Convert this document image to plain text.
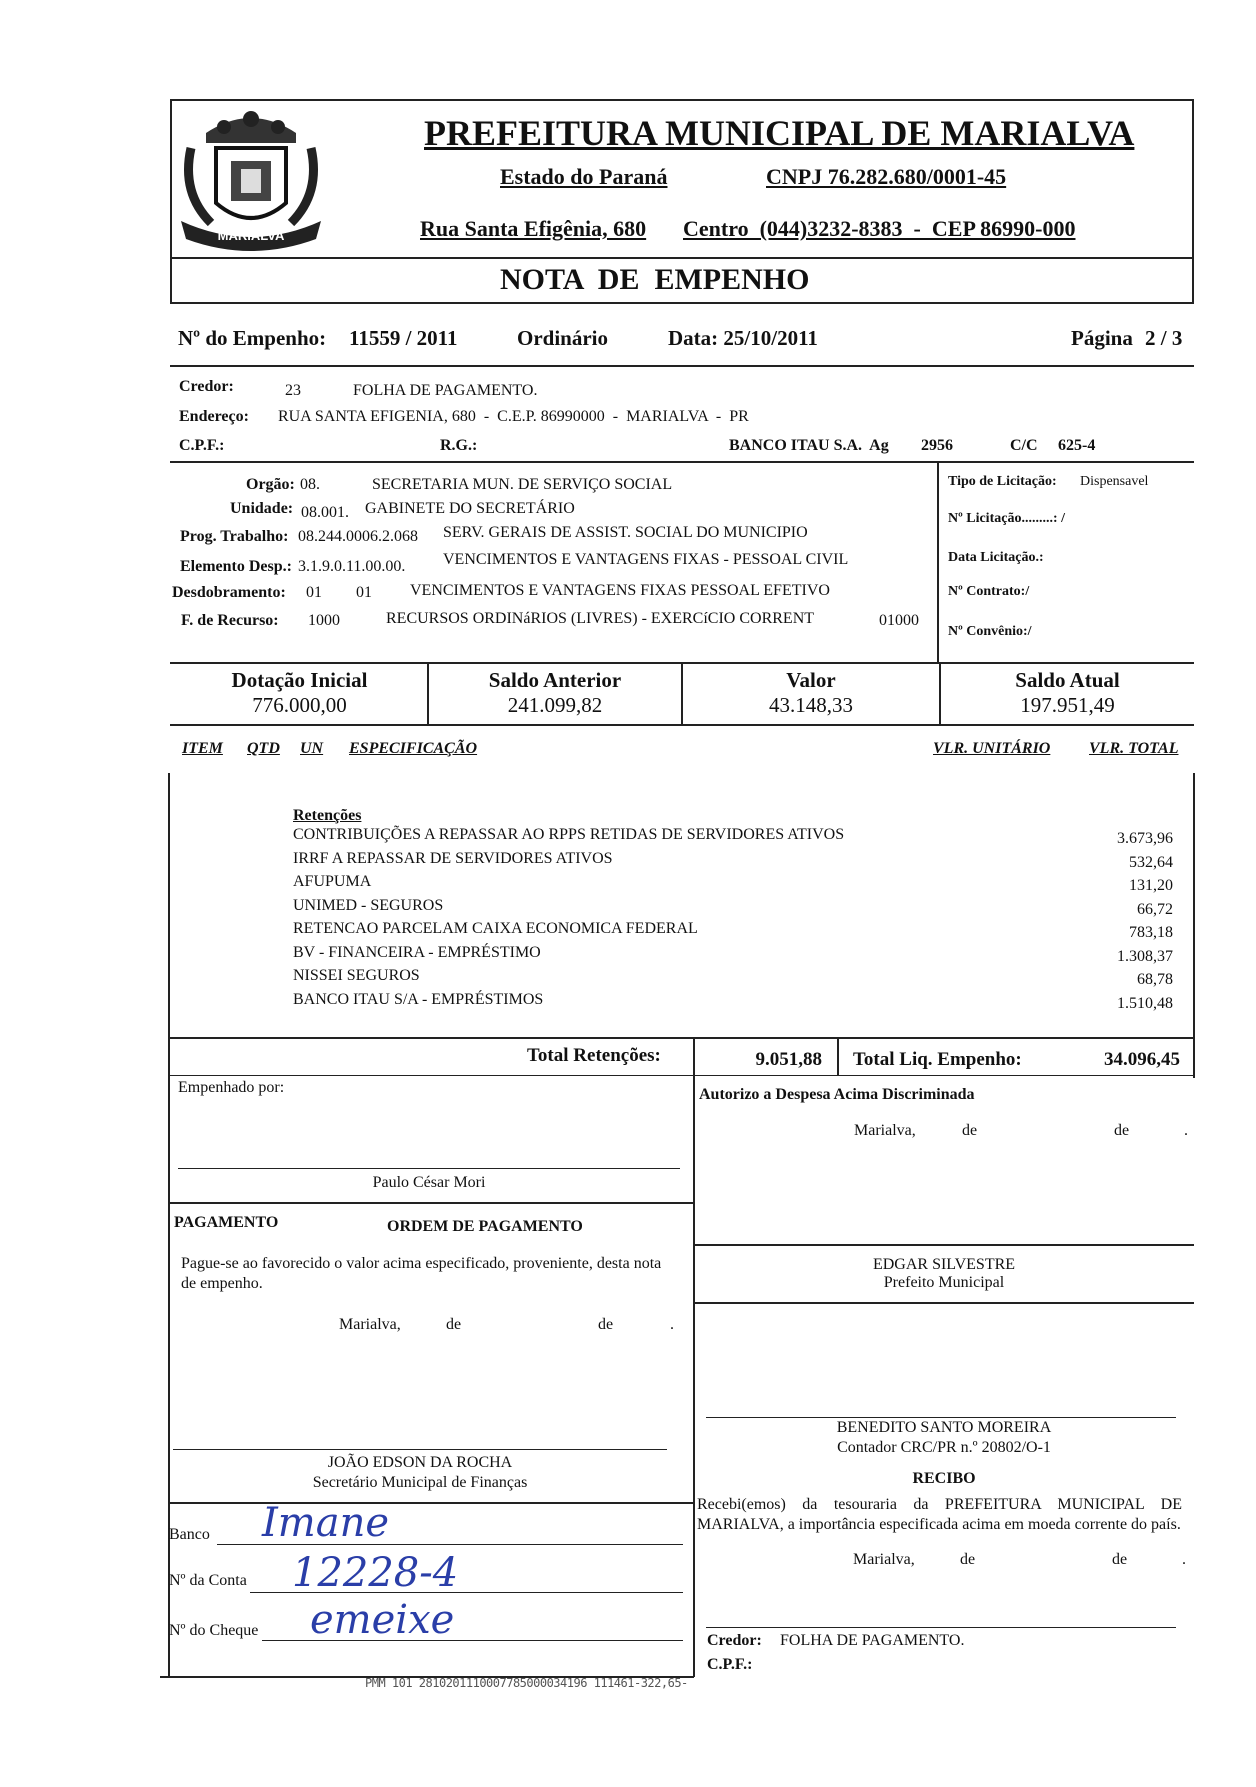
MARIALVA
PREFEITURA MUNICIPAL DE MARIALVA
Estado do Paraná	CNPJ 76.282.680/0001-45
Rua Santa Efigênia, 680 Centro  (044)3232-8383  -  CEP 86990-000
NOTA  DE  EMPENHO
Nº do Empenho: 11559 / 2011	Ordinário	Data: 25/10/2011	Página 2 / 3
Credor:	23	FOLHA DE PAGAMENTO.
Endereço: RUA SANTA EFIGENIA, 680  -  C.E.P. 86990000  -  MARIALVA  -  PR
C.P.F.:	R.G.:	BANCO ITAU S.A.  Ag 2956	C/C 625-4
Orgão: 08.	SECRETARIA MUN. DE SERVIÇO SOCIAL
Unidade: 08.001. GABINETE DO SECRETÁRIO
Prog. Trabalho: 08.244.0006.2.068 SERV. GERAIS DE ASSIST. SOCIAL DO MUNICIPIO
Elemento Desp.: 3.1.9.0.11.00.00. VENCIMENTOS E VANTAGENS FIXAS - PESSOAL CIVIL
Desdobramento: 01 01 VENCIMENTOS E VANTAGENS FIXAS PESSOAL EFETIVO
F. de Recurso: 1000	RECURSOS ORDINáRIOS (LIVRES) - EXERCíCIO CORRENT	01000
Tipo de Licitação: Dispensavel
Nº Licitação.........: /
Data Licitação.:
Nº Contrato:/
Nº Convênio:/
Dotação Inicial
776.000,00
Saldo Anterior
241.099,82
Valor
43.148,33
Saldo Atual
197.951,49
ITEM QTD UN ESPECIFICAÇÃO	VLR. UNITÁRIO VLR. TOTAL
Retenções
CONTRIBUIÇÕES A REPASSAR AO RPPS RETIDAS DE SERVIDORES ATIVOS	3.673,96
IRRF A REPASSAR DE SERVIDORES ATIVOS	532,64
AFUPUMA	131,20
UNIMED - SEGUROS	66,72
RETENCAO PARCELAM CAIXA ECONOMICA FEDERAL	783,18
BV - FINANCEIRA - EMPRÉSTIMO	1.308,37
NISSEI SEGUROS	68,78
BANCO ITAU S/A - EMPRÉSTIMOS	1.510,48
Total Retenções:	9.051,88 Total Liq. Empenho:	34.096,45
Empenhado por:
Paulo César Mori
PAGAMENTO	ORDEM DE PAGAMENTO
Pague-se ao favorecido o valor acima especificado, proveniente, desta nota de empenho.
Marialva,	de	de	.
JOÃO EDSON DA ROCHA
Secretário Municipal de Finanças
Banco Imane
Nº da Conta 12228-4
Nº do Cheque emeixe
Autorizo a Despesa Acima Discriminada
Marialva,	de	de	.
EDGAR SILVESTRE
Prefeito Municipal
BENEDITO SANTO MOREIRA
Contador CRC/PR n.º 20802/O-1
RECIBO
Recebi(emos) da tesouraria da PREFEITURA MUNICIPAL DE MARIALVA, a importância especificada acima em moeda corrente do país.
Marialva,	de	de	.
Credor: FOLHA DE PAGAMENTO.
C.P.F.:
PMM 101 2810201110007785000034196 111461-322,65-
